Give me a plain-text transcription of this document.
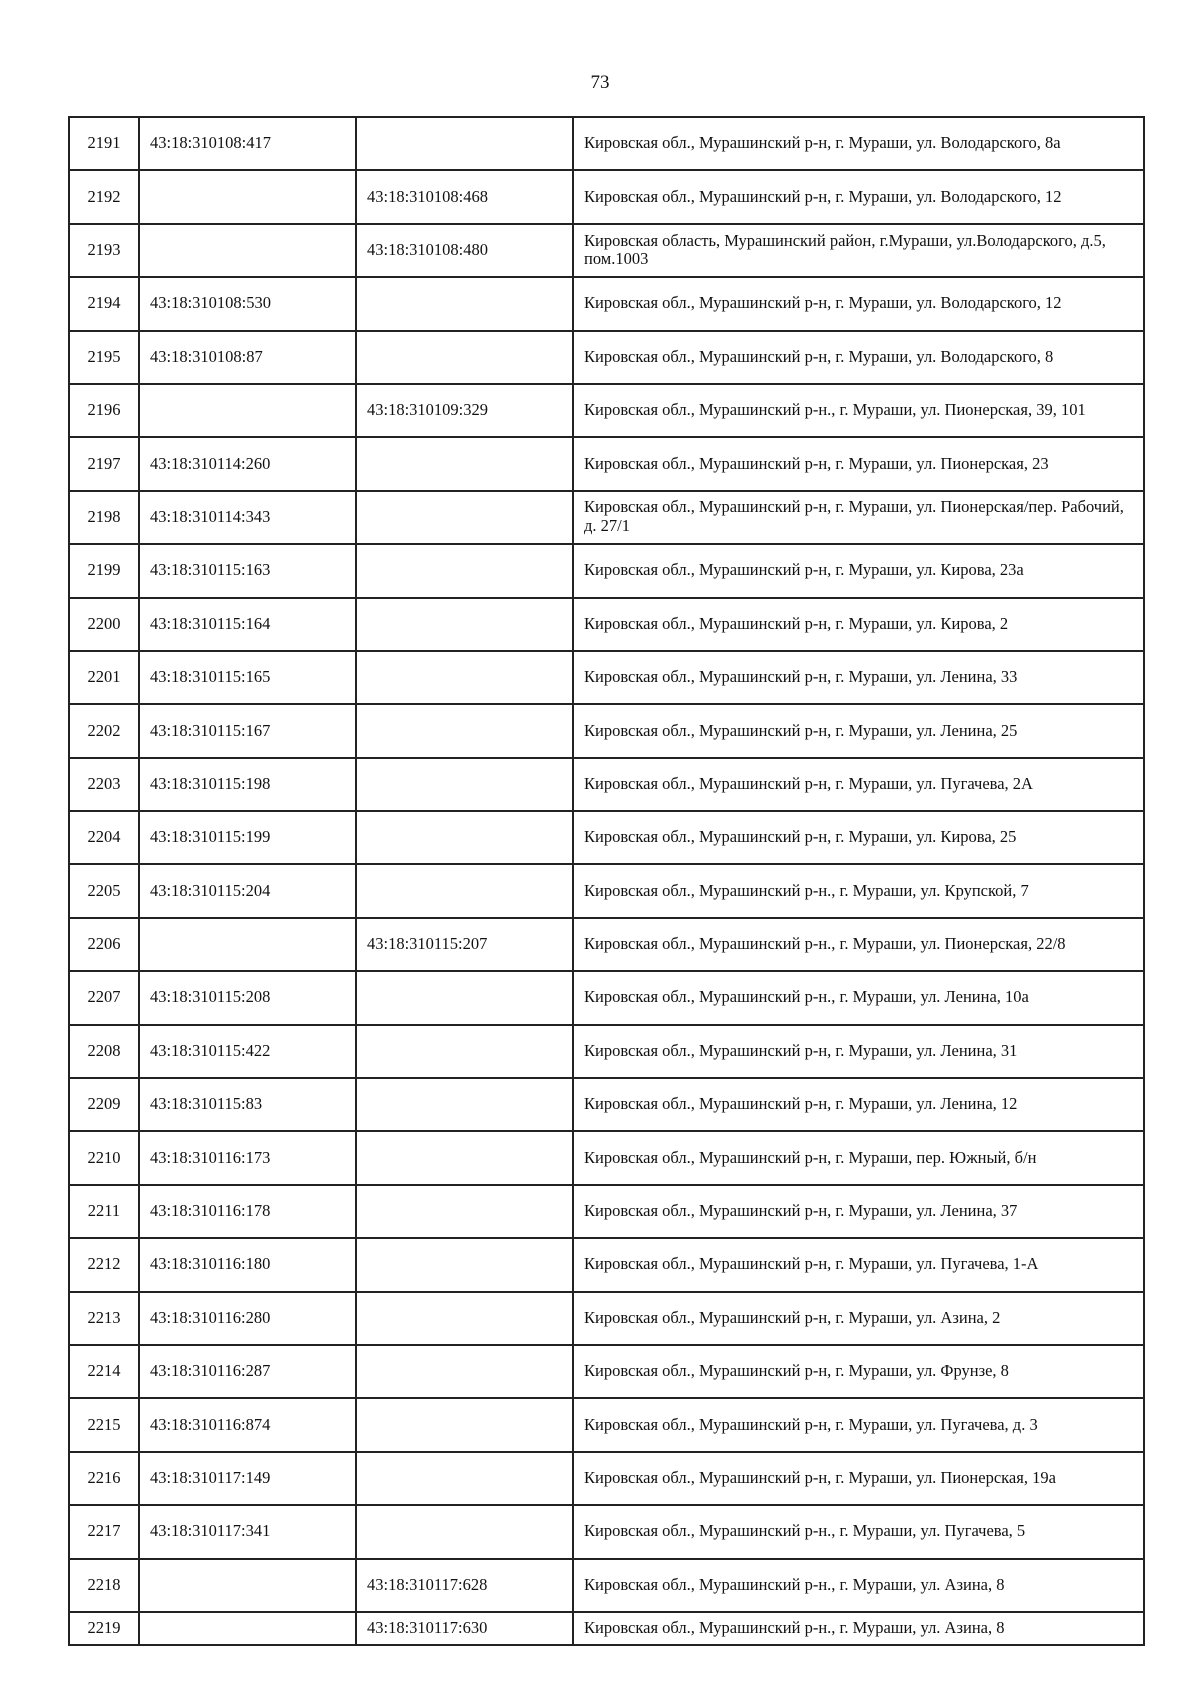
73
2191	43:18:310108:417		Кировская обл., Мурашинский р-н, г. Мураши, ул. Володарского, 8а
2192		43:18:310108:468	Кировская обл., Мурашинский р-н, г. Мураши, ул. Володарского, 12
2193		43:18:310108:480	Кировская область, Мурашинский район, г.Мураши, ул.Володарского, д.5, пом.1003
2194	43:18:310108:530		Кировская обл., Мурашинский р-н, г. Мураши, ул. Володарского, 12
2195	43:18:310108:87		Кировская обл., Мурашинский р-н, г. Мураши, ул. Володарского, 8
2196		43:18:310109:329	Кировская обл., Мурашинский р-н., г. Мураши, ул. Пионерская, 39, 101
2197	43:18:310114:260		Кировская обл., Мурашинский р-н, г. Мураши, ул. Пионерская, 23
2198	43:18:310114:343		Кировская обл., Мурашинский р-н, г. Мураши, ул. Пионерская/пер. Рабочий, д. 27/1
2199	43:18:310115:163		Кировская обл., Мурашинский р-н, г. Мураши, ул. Кирова, 23а
2200	43:18:310115:164		Кировская обл., Мурашинский р-н, г. Мураши, ул. Кирова, 2
2201	43:18:310115:165		Кировская обл., Мурашинский р-н, г. Мураши, ул. Ленина, 33
2202	43:18:310115:167		Кировская обл., Мурашинский р-н, г. Мураши, ул. Ленина, 25
2203	43:18:310115:198		Кировская обл., Мурашинский р-н, г. Мураши, ул. Пугачева, 2А
2204	43:18:310115:199		Кировская обл., Мурашинский р-н, г. Мураши, ул. Кирова, 25
2205	43:18:310115:204		Кировская обл., Мурашинский р-н., г. Мураши, ул. Крупской, 7
2206		43:18:310115:207	Кировская обл., Мурашинский р-н., г. Мураши, ул. Пионерская, 22/8
2207	43:18:310115:208		Кировская обл., Мурашинский р-н., г. Мураши, ул. Ленина, 10а
2208	43:18:310115:422		Кировская обл., Мурашинский р-н, г. Мураши, ул. Ленина, 31
2209	43:18:310115:83		Кировская обл., Мурашинский р-н, г. Мураши, ул. Ленина, 12
2210	43:18:310116:173		Кировская обл., Мурашинский р-н, г. Мураши, пер. Южный, б/н
2211	43:18:310116:178		Кировская обл., Мурашинский р-н, г. Мураши, ул. Ленина, 37
2212	43:18:310116:180		Кировская обл., Мурашинский р-н, г. Мураши, ул. Пугачева, 1-А
2213	43:18:310116:280		Кировская обл., Мурашинский р-н, г. Мураши, ул. Азина, 2
2214	43:18:310116:287		Кировская обл., Мурашинский р-н, г. Мураши, ул. Фрунзе, 8
2215	43:18:310116:874		Кировская обл., Мурашинский р-н, г. Мураши, ул. Пугачева, д. 3
2216	43:18:310117:149		Кировская обл., Мурашинский р-н, г. Мураши, ул. Пионерская, 19а
2217	43:18:310117:341		Кировская обл., Мурашинский р-н., г. Мураши, ул. Пугачева, 5
2218		43:18:310117:628	Кировская обл., Мурашинский р-н., г. Мураши, ул. Азина, 8
2219		43:18:310117:630	Кировская обл., Мурашинский р-н., г. Мураши, ул. Азина, 8
